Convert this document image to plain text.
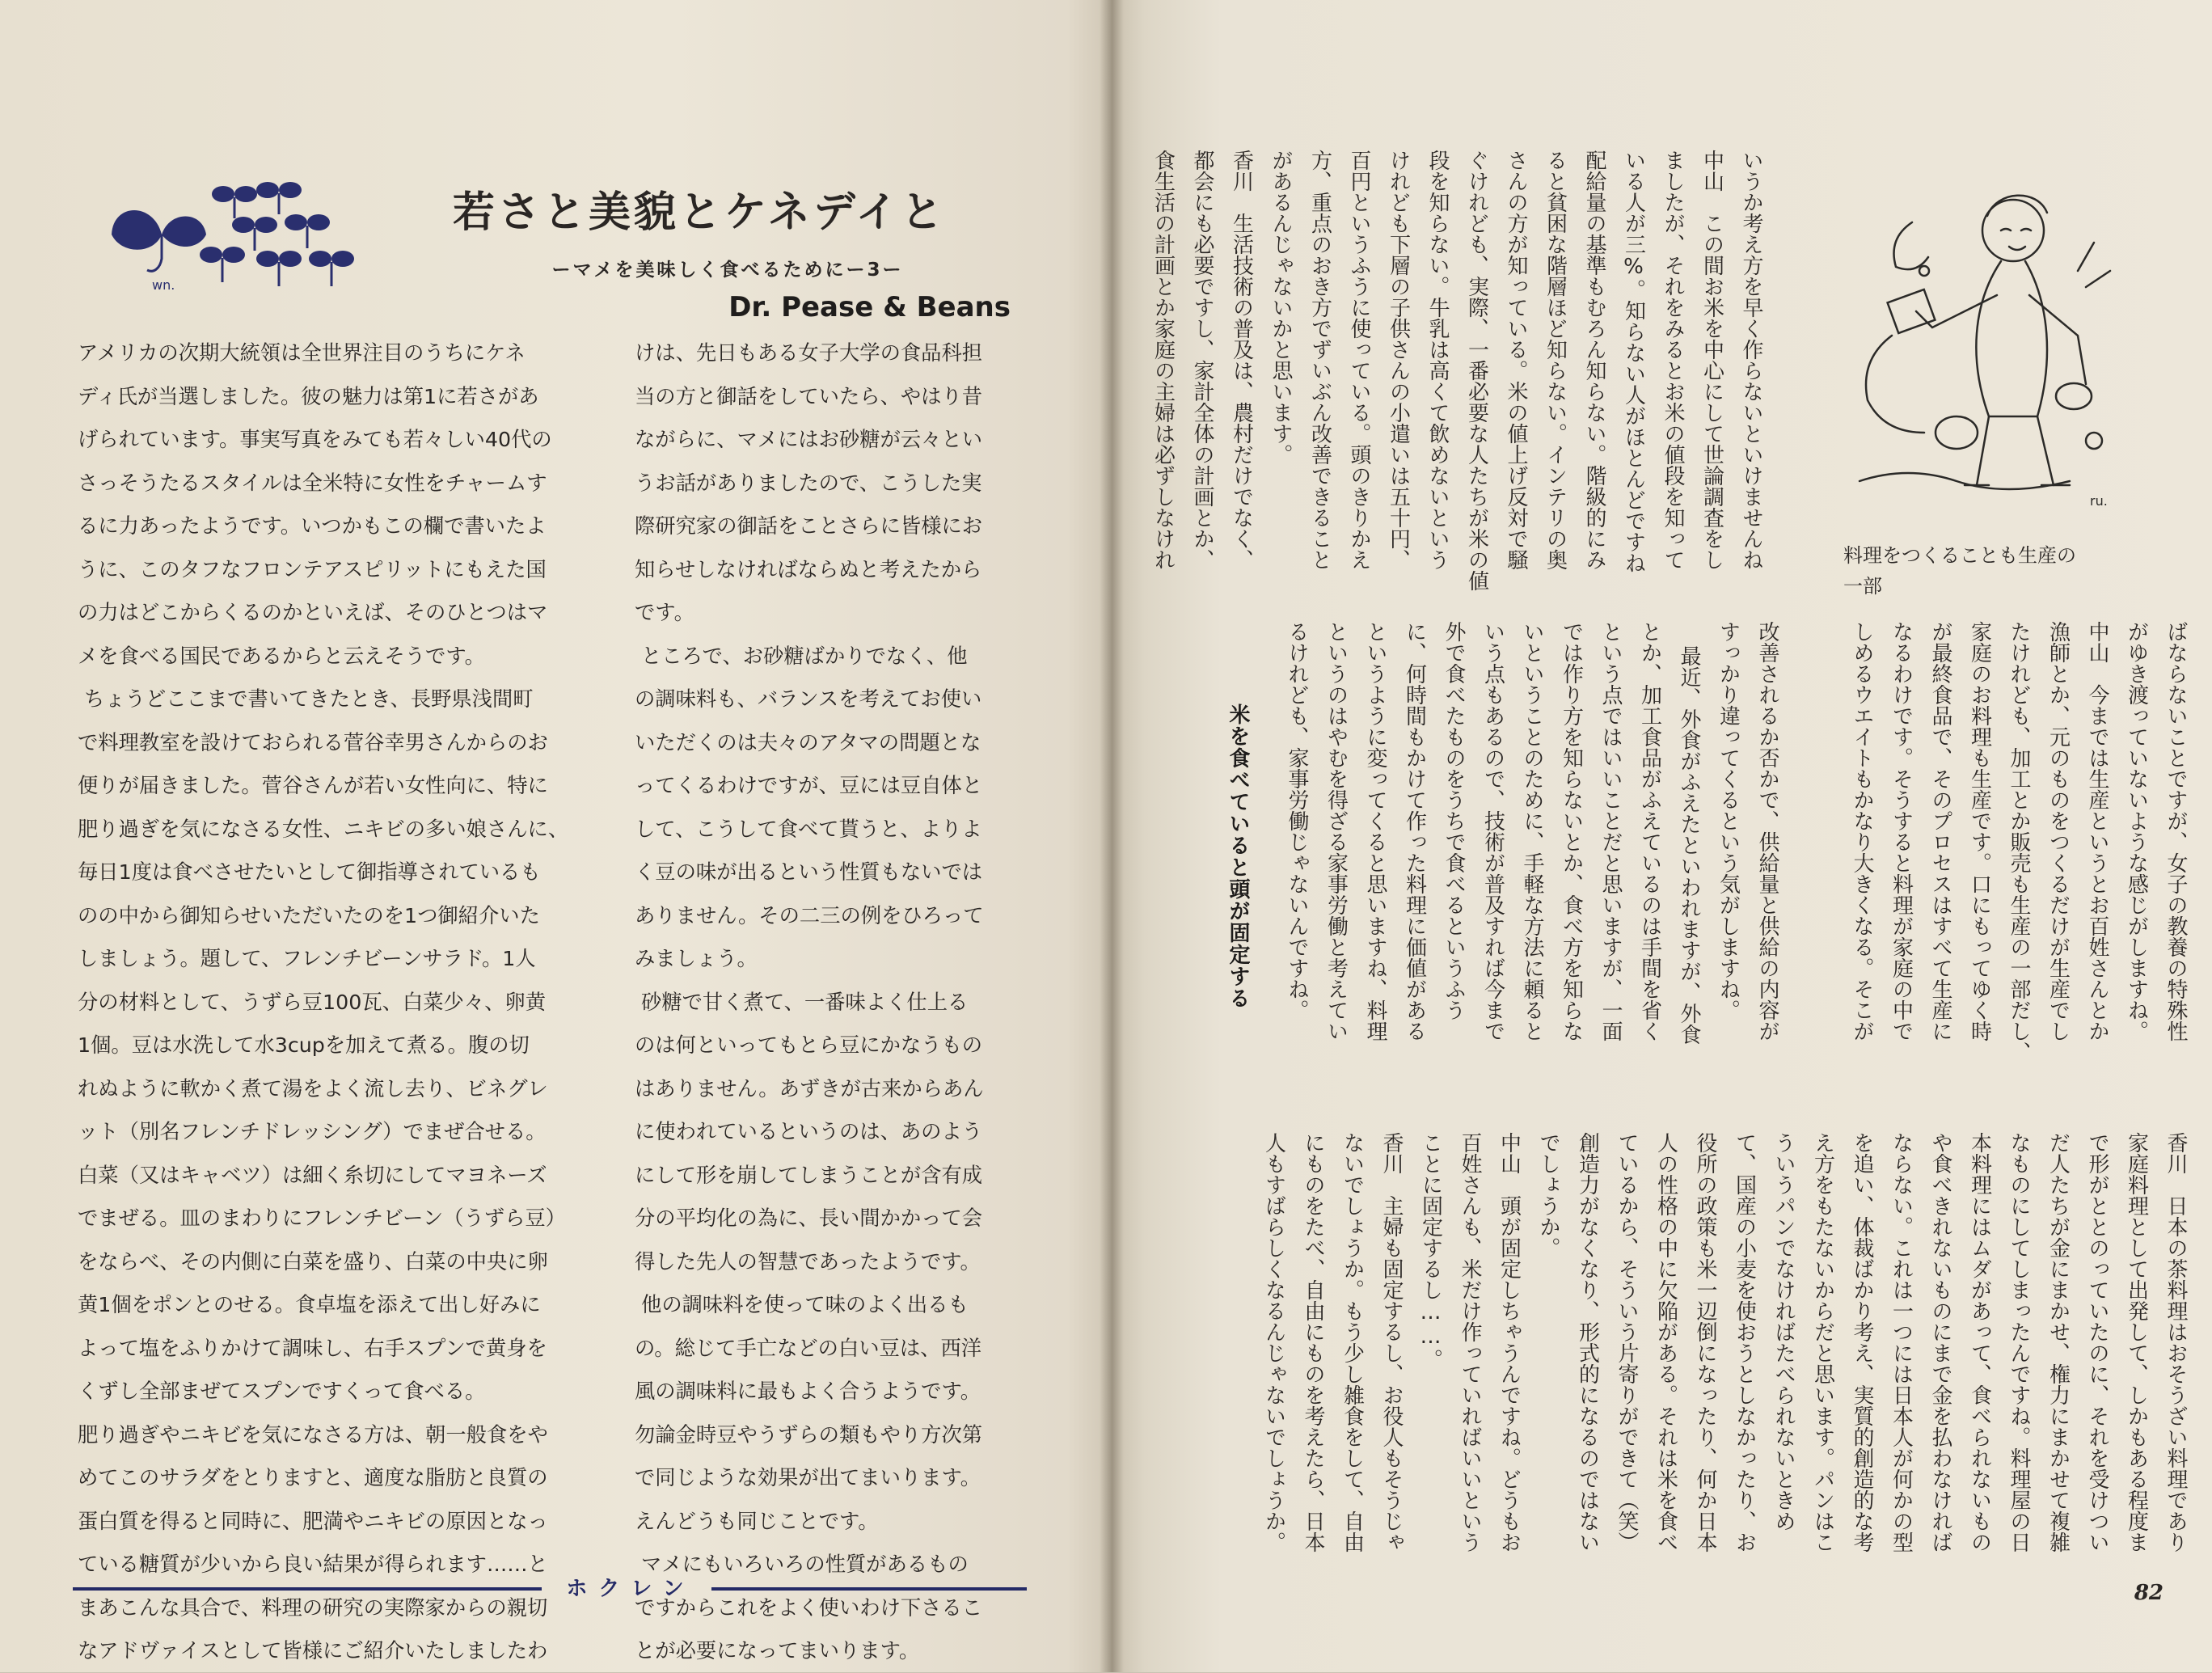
wn.
若さと美貌とケネデイと
ーマメを美味しく食べるためにー3ー
Dr. Pease & Beans
アメリカの次期大統領は全世界注目のうちにケネ
ディ氏が当選しました。彼の魅力は第1に若さがあ
げられています。事実写真をみても若々しい40代の
さっそうたるスタイルは全米特に女性をチャームす
るに力あったようです。いつかもこの欄で書いたよ
うに、このタフなフロンテアスピリットにもえた国
の力はどこからくるのかといえば、そのひとつはマ
メを食べる国民であるからと云えそうです。
ちょうどここまで書いてきたとき、長野県浅間町
で料理教室を設けておられる菅谷幸男さんからのお
便りが届きました。菅谷さんが若い女性向に、特に
肥り過ぎを気になさる女性、ニキビの多い娘さんに、
毎日1度は食べさせたいとして御指導されているも
のの中から御知らせいただいたのを1つ御紹介いた
しましょう。題して、フレンチビーンサラド。1人
分の材料として、うずら豆100瓦、白菜少々、卵黄
1個。豆は水洗して水3cupを加えて煮る。腹の切
れぬように軟かく煮て湯をよく流し去り、ビネグレ
ット（別名フレンチドレッシング）でまぜ合せる。
白菜（又はキャベツ）は細く糸切にしてマヨネーズ
でまぜる。皿のまわりにフレンチビーン（うずら豆）
をならべ、その内側に白菜を盛り、白菜の中央に卵
黄1個をポンとのせる。食卓塩を添えて出し好みに
よって塩をふりかけて調味し、右手スプンで黄身を
くずし全部まぜてスプンですくって食べる。
肥り過ぎやニキビを気になさる方は、朝一般食をや
めてこのサラダをとりますと、適度な脂肪と良質の
蛋白質を得ると同時に、肥満やニキビの原因となっ
ている糖質が少いから良い結果が得られます……と
まあこんな具合で、料理の研究の実際家からの親切
なアドヴァイスとして皆様にご紹介いたしましたわ
けは、先日もある女子大学の食品科担
当の方と御話をしていたら、やはり昔
ながらに、マメにはお砂糖が云々とい
うお話がありましたので、こうした実
際研究家の御話をことさらに皆様にお
知らせしなければならぬと考えたから
です。
ところで、お砂糖ばかりでなく、他
の調味料も、バランスを考えてお使い
いただくのは夫々のアタマの問題とな
ってくるわけですが、豆には豆自体と
して、こうして食べて貰うと、よりよ
く豆の味が出るという性質もないでは
ありません。その二三の例をひろって
みましょう。
砂糖で甘く煮て、一番味よく仕上る
のは何といってもとら豆にかなうもの
はありません。あずきが古来からあん
に使われているというのは、あのよう
にして形を崩してしまうことが含有成
分の平均化の為に、長い間かかって会
得した先人の智慧であったようです。
他の調味料を使って味のよく出るも
の。総じて手亡などの白い豆は、西洋
風の調味料に最もよく合うようです。
勿論金時豆やうずらの類もやり方次第
で同じような効果が出てまいります。
えんどうも同じことです。
マメにもいろいろの性質があるもの
ですからこれをよく使いわけ下さるこ
とが必要になってまいります。
ホクレン
いうか考え方を早く作らないといけませんね
中山　この間お米を中心にして世論調査をし
ましたが、それをみるとお米の値段を知って
いる人が三%。知らない人がほとんどですね
配給量の基準もむろん知らない。階級的にみ
ると貧困な階層ほど知らない。インテリの奥
さんの方が知っている。米の値上げ反対で騒
ぐけれども、実際、一番必要な人たちが米の値
段を知らない。牛乳は高くて飲めないという
けれども下層の子供さんの小遣いは五十円、
百円というふうに使っている。頭のきりかえ
方、重点のおき方でずいぶん改善できること
があるんじゃないかと思います。
香川　生活技術の普及は、農村だけでなく、
都会にも必要ですし、家計全体の計画とか、
食生活の計画とか家庭の主婦は必ずしなけれ	ru.
料理をつくることも生産の
一部
ばならないことですが、女子の教養の特殊性
がゆき渡っていないような感じがしますね。
中山　今までは生産というとお百姓さんとか
漁師とか、元のものをつくるだけが生産でし
たけれども、加工とか販売も生産の一部だし、
家庭のお料理も生産です。口にもってゆく時
が最終食品で、そのプロセスはすべて生産に
なるわけです。そうすると料理が家庭の中で
しめるウエイトもかなり大きくなる。そこが
改善されるか否かで、供給量と供給の内容が
すっかり違ってくるという気がしますね。
最近、外食がふえたといわれますが、外食
とか、加工食品がふえているのは手間を省く
という点ではいいことだと思いますが、一面
では作り方を知らないとか、食べ方を知らな
いということのために、手軽な方法に頼ると
いう点もあるので、技術が普及すれば今まで
外で食べたものをうちで食べるというふう
に、何時間もかけて作った料理に価値がある
というように変ってくると思いますね、料理
というのはやむを得ざる家事労働と考えてい
るけれども、家事労働じゃないんですね。
米を食べていると頭が固定する
香川　日本の茶料理はおそうざい料理であり
家庭料理として出発して、しかもある程度ま
で形がととのっていたのに、それを受けつい
だ人たちが金にまかせ、権力にまかせて複雑
なものにしてしまったんですね。料理屋の日
本料理にはムダがあって、食べられないもの
や食べきれないものにまで金を払わなければ
ならない。これは一つには日本人が何かの型
を追い、体裁ばかり考え、実質的創造的な考
え方をもたないからだと思います。パンはこ
ういうパンでなければたべられないときめ
て、国産の小麦を使おうとしなかったり、お
役所の政策も米一辺倒になったり、何か日本
人の性格の中に欠陥がある。それは米を食べ
ているから、そういう片寄りができて（笑）
創造力がなくなり、形式的になるのではない
でしょうか。
中山　頭が固定しちゃうんですね。どうもお
百姓さんも、米だけ作っていればいいという
ことに固定するし……。
香川　主婦も固定するし、お役人もそうじゃ
ないでしょうか。もう少し雑食をして、自由
にものをたべ、自由にものを考えたら、日本
人もすばらしくなるんじゃないでしょうか。
82
